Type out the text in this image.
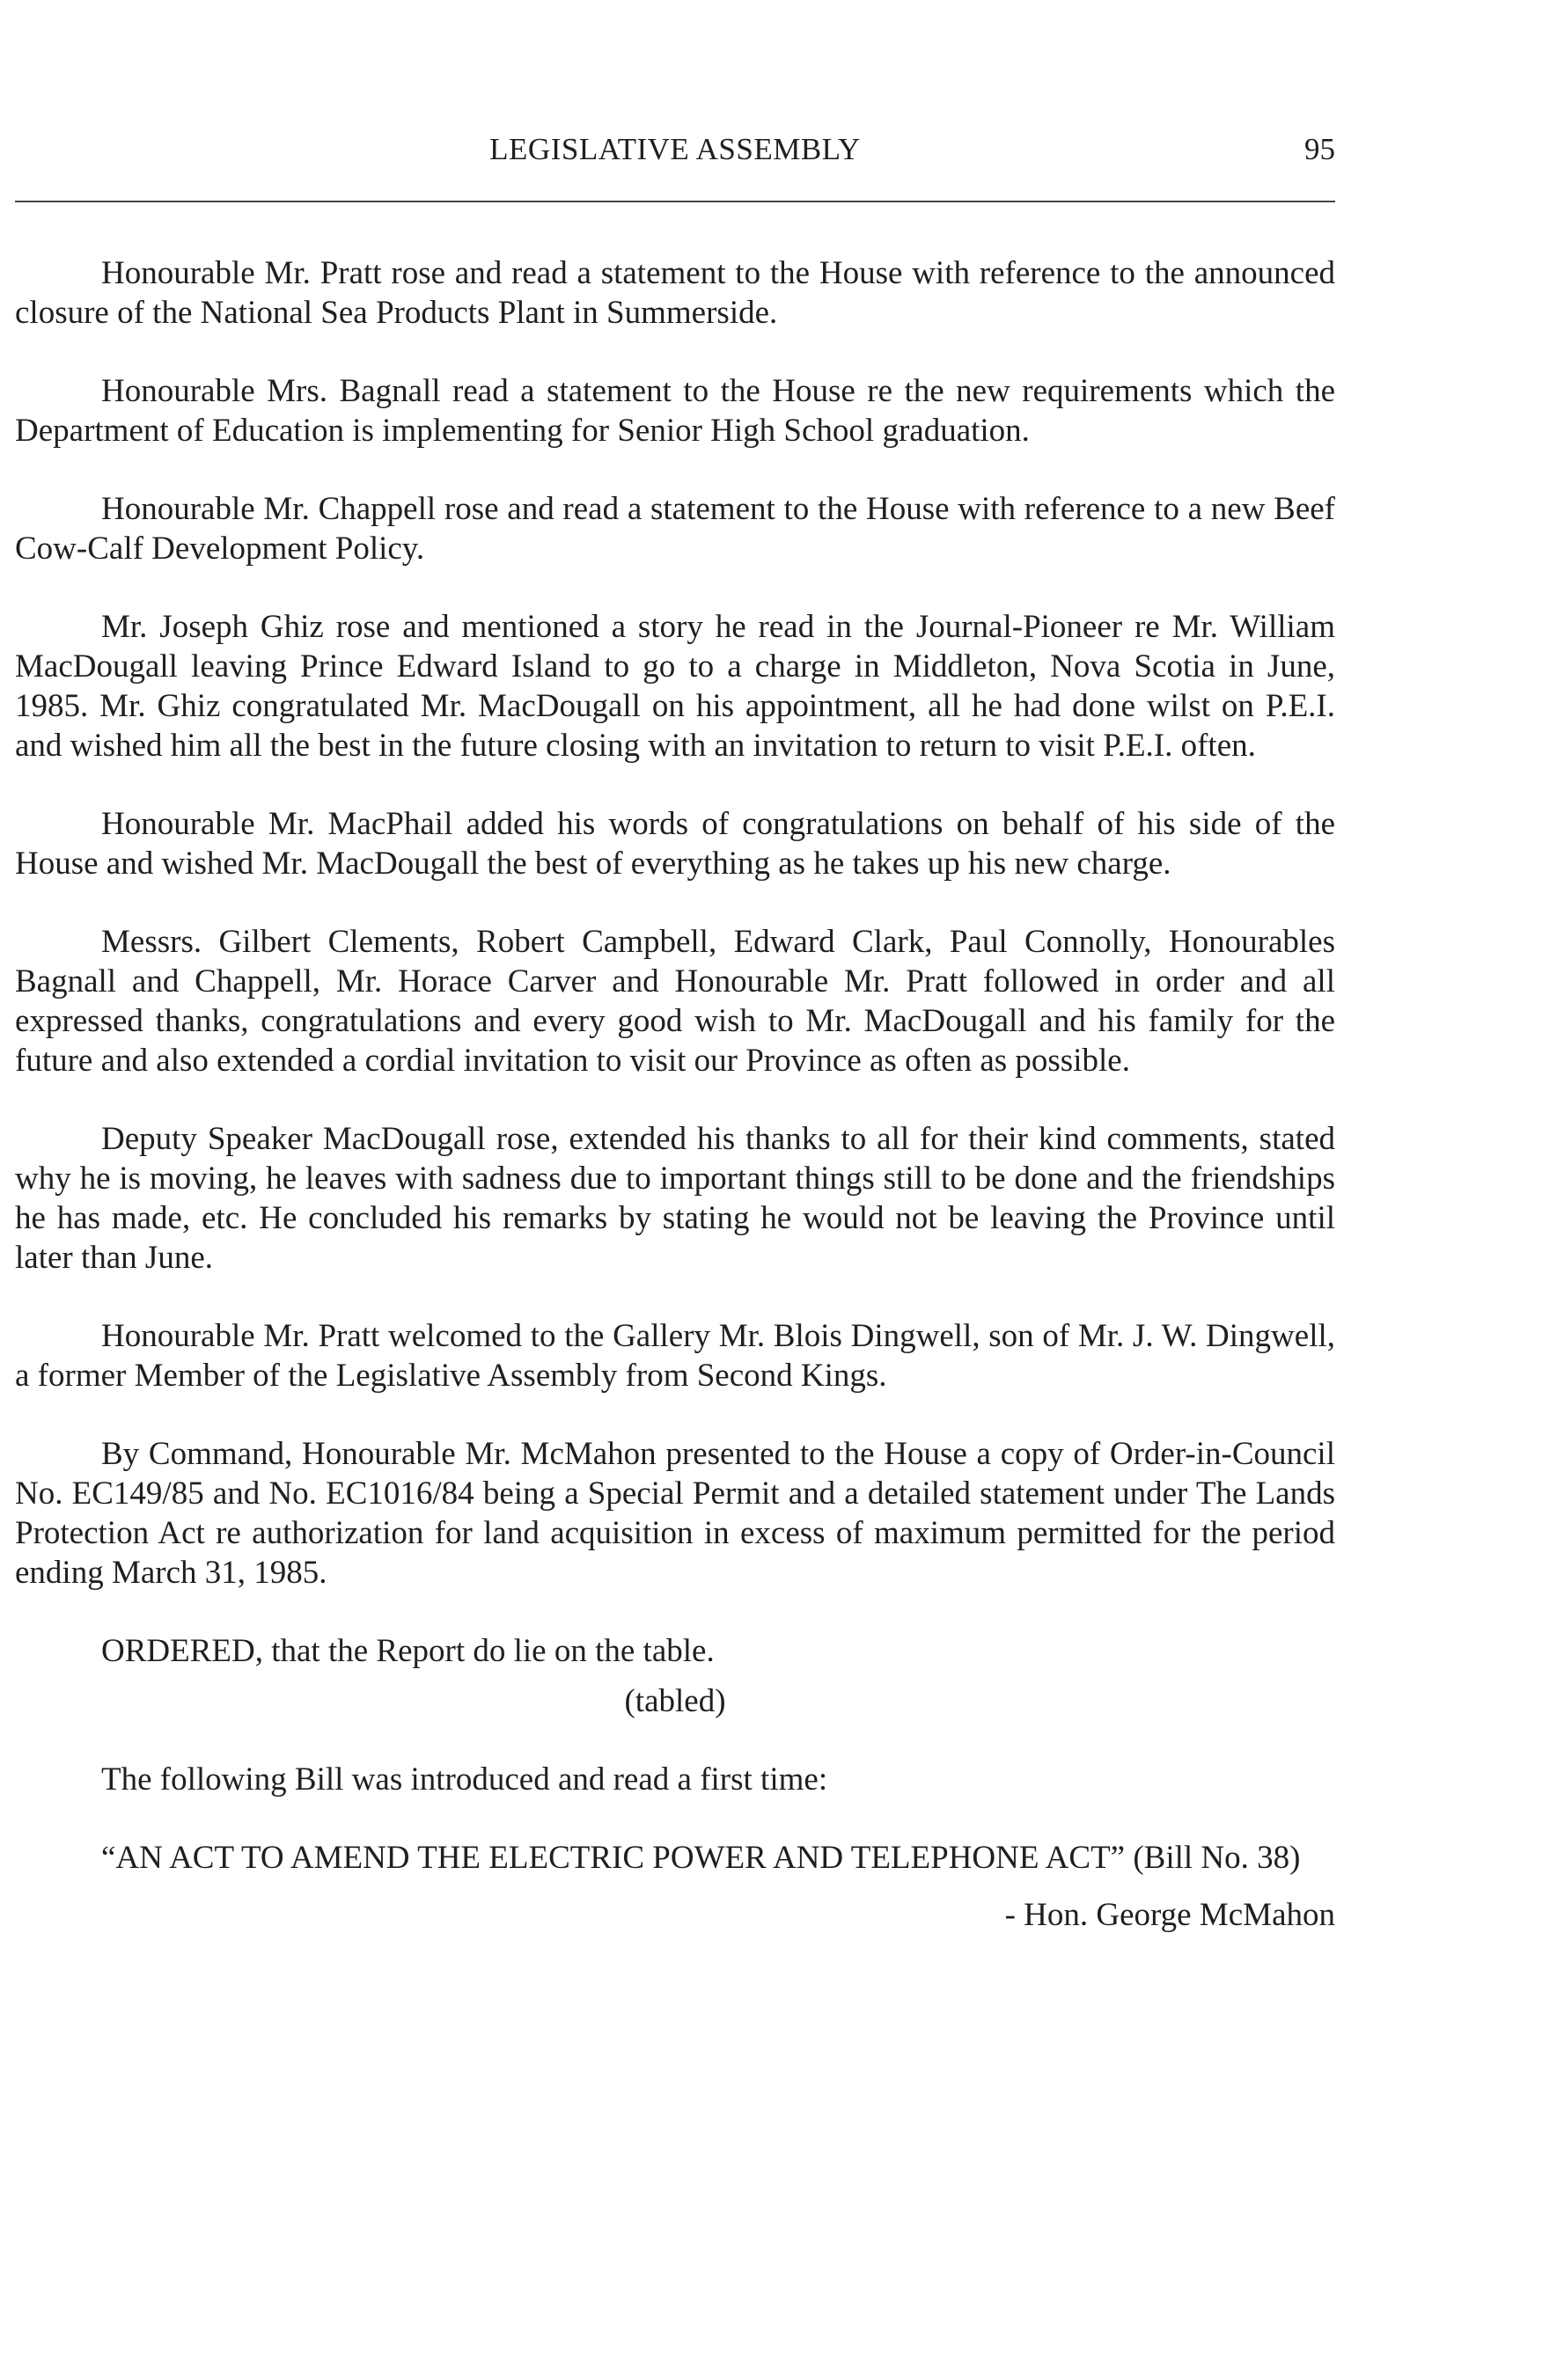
LEGISLATIVE ASSEMBLY	95

Honourable Mr. Pratt rose and read a statement to the House with reference to the announced closure of the National Sea Products Plant in Summerside.

Honourable Mrs. Bagnall read a statement to the House re the new requirements which the Department of Education is implementing for Senior High School graduation.

Honourable Mr. Chappell rose and read a statement to the House with reference to a new Beef Cow-Calf Development Policy.

Mr. Joseph Ghiz rose and mentioned a story he read in the Journal-Pioneer re Mr. William MacDougall leaving Prince Edward Island to go to a charge in Middleton, Nova Scotia in June, 1985. Mr. Ghiz congratulated Mr. MacDougall on his appointment, all he had done wilst on P.E.I. and wished him all the best in the future closing with an invitation to return to visit P.E.I. often.

Honourable Mr. MacPhail added his words of congratulations on behalf of his side of the House and wished Mr. MacDougall the best of everything as he takes up his new charge.

Messrs. Gilbert Clements, Robert Campbell, Edward Clark, Paul Connolly, Honourables Bagnall and Chappell, Mr. Horace Carver and Honourable Mr. Pratt followed in order and all expressed thanks, congratulations and every good wish to Mr. MacDougall and his family for the future and also extended a cordial invitation to visit our Province as often as possible.

Deputy Speaker MacDougall rose, extended his thanks to all for their kind comments, stated why he is moving, he leaves with sadness due to important things still to be done and the friendships he has made, etc. He concluded his remarks by stating he would not be leaving the Province until later than June.

Honourable Mr. Pratt welcomed to the Gallery Mr. Blois Dingwell, son of Mr. J. W. Dingwell, a former Member of the Legislative Assembly from Second Kings.

By Command, Honourable Mr. McMahon presented to the House a copy of Order-in-Council No. EC149/85 and No. EC1016/84 being a Special Permit and a detailed statement under The Lands Protection Act re authorization for land acquisition in excess of maximum permitted for the period ending March 31, 1985.

ORDERED, that the Report do lie on the table.

(tabled)

The following Bill was introduced and read a first time:

“AN ACT TO AMEND THE ELECTRIC POWER AND TELEPHONE ACT” (Bill No. 38)

- Hon. George McMahon
